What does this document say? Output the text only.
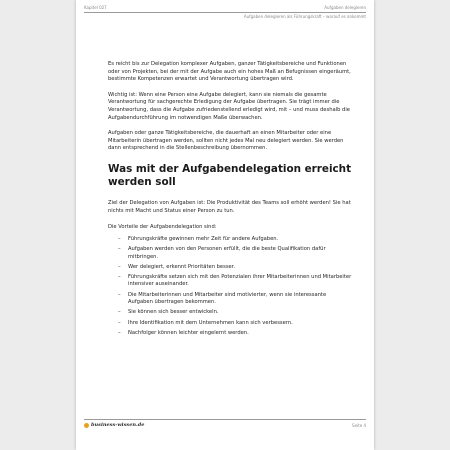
Kapitel 027	Aufgaben delegieren
Aufgaben delegieren als Führungskraft – worauf es ankommt

Es reicht bis zur Delegation komplexer Aufgaben, ganzer Tätigkeitsbereiche und Funktionen oder von Projekten, bei der mit der Aufgabe auch ein hohes Maß an Befugnissen eingeräumt, bestimmte Kompetenzen erwartet und Verantwortung übertragen wird.

Wichtig ist: Wenn eine Person eine Aufgabe delegiert, kann sie niemals die gesamte Verantwortung für sachgerechte Erledigung der Aufgabe übertragen. Sie trägt immer die Verantwortung, dass die Aufgabe zufriedenstellend erledigt wird, mit – und muss deshalb die Aufgabendurchführung im notwendigen Maße überwachen.

Aufgaben oder ganze Tätigkeitsbereiche, die dauerhaft an einen Mitarbeiter oder eine Mitarbeiterin übertragen werden, sollten nicht jedes Mal neu delegiert werden. Sie werden dann entsprechend in die Stellenbeschreibung übernommen.

Was mit der Aufgabendelegation erreicht werden soll

Ziel der Delegation von Aufgaben ist: Die Produktivität des Teams soll erhöht werden! Sie hat nichts mit Macht und Status einer Person zu tun.

Die Vorteile der Aufgabendelegation sind:

– Führungskräfte gewinnen mehr Zeit für andere Aufgaben.
– Aufgaben werden von den Personen erfüllt, die die beste Qualifikation dafür mitbringen.
– Wer delegiert, erkennt Prioritäten besser.
– Führungskräfte setzen sich mit den Potenzialen ihrer Mitarbeiterinnen und Mitarbeiter intensiver auseinander.
– Die Mitarbeiterinnen und Mitarbeiter sind motivierter, wenn sie interessante Aufgaben übertragen bekommen.
– Sie können sich besser entwickeln.
– Ihre Identifikation mit dem Unternehmen kann sich verbessern.
– Nachfolger können leichter eingelernt werden.
business-wissen.de	Seite 4
